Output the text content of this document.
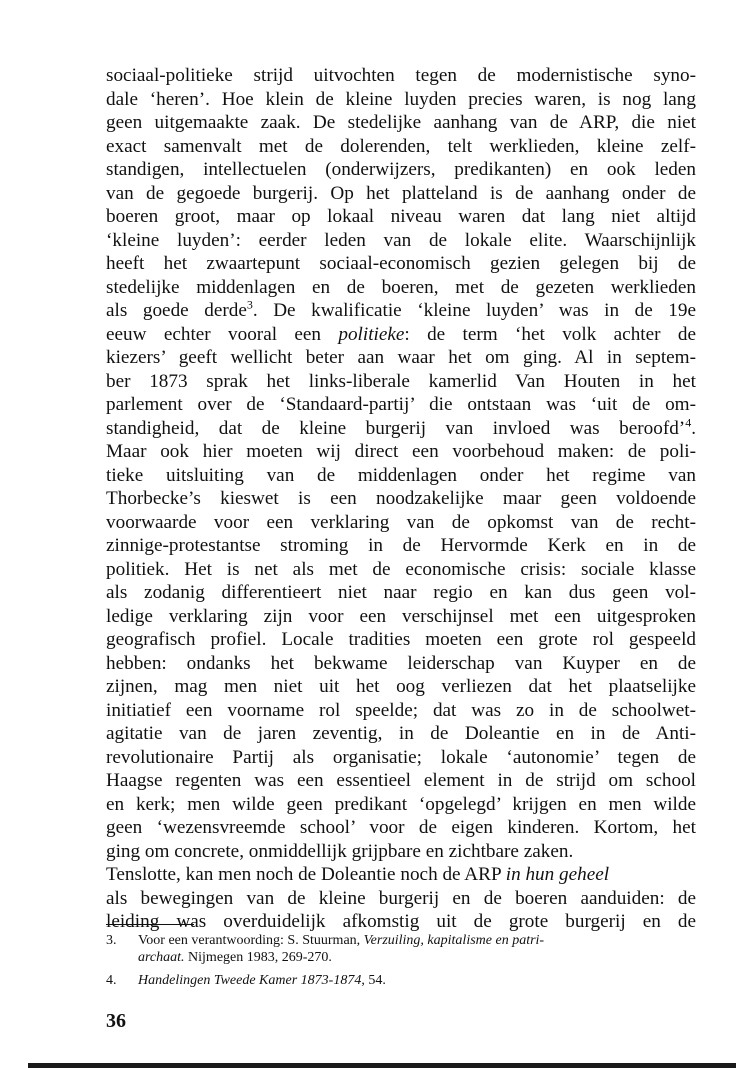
sociaal-politieke strijd uitvochten tegen de modernistische syno-
dale ‘heren’. Hoe klein de kleine luyden precies waren, is nog lang
geen uitgemaakte zaak. De stedelijke aanhang van de ARP, die niet
exact samenvalt met de dolerenden, telt werklieden, kleine zelf-
standigen, intellectuelen (onderwijzers, predikanten) en ook leden
van de gegoede burgerij. Op het platteland is de aanhang onder de
boeren groot, maar op lokaal niveau waren dat lang niet altijd
‘kleine luyden’: eerder leden van de lokale elite. Waarschijnlijk
heeft het zwaartepunt sociaal-economisch gezien gelegen bij de
stedelijke middenlagen en de boeren, met de gezeten werklieden
als goede derde$^3$. De kwalificatie ‘kleine luyden’ was in de 19e
eeuw echter vooral een politieke: de term ‘het volk achter de
kiezers’ geeft wellicht beter aan waar het om ging. Al in septem-
ber 1873 sprak het links-liberale kamerlid Van Houten in het
parlement over de ‘Standaard-partij’ die ontstaan was ‘uit de om-
standigheid, dat de kleine burgerij van invloed was beroofd’$^4$.
Maar ook hier moeten wij direct een voorbehoud maken: de poli-
tieke uitsluiting van de middenlagen onder het regime van
Thorbecke’s kieswet is een noodzakelijke maar geen voldoende
voorwaarde voor een verklaring van de opkomst van de recht-
zinnige-protestantse stroming in de Hervormde Kerk en in de
politiek. Het is net als met de economische crisis: sociale klasse
als zodanig differentieert niet naar regio en kan dus geen vol-
ledige verklaring zijn voor een verschijnsel met een uitgesproken
geografisch profiel. Locale tradities moeten een grote rol gespeeld
hebben: ondanks het bekwame leiderschap van Kuyper en de
zijnen, mag men niet uit het oog verliezen dat het plaatselijke
initiatief een voorname rol speelde; dat was zo in de schoolwet-
agitatie van de jaren zeventig, in de Doleantie en in de Anti-
revolutionaire Partij als organisatie; lokale ‘autonomie’ tegen de
Haagse regenten was een essentieel element in de strijd om school
en kerk; men wilde geen predikant ‘opgelegd’ krijgen en men wilde
geen ‘wezensvreemde school’ voor de eigen kinderen. Kortom, het
ging om concrete, onmiddellijk grijpbare en zichtbare zaken.
Tenslotte, kan men noch de Doleantie noch de ARP in hun geheel
als bewegingen van de kleine burgerij en de boeren aanduiden: de
leiding was overduidelijk afkomstig uit de grote burgerij en de
3. Voor een verantwoording: S. Stuurman, Verzuiling, kapitalisme en patri-
archaat. Nijmegen 1983, 269-270.
4. Handelingen Tweede Kamer 1873-1874, 54.
36
